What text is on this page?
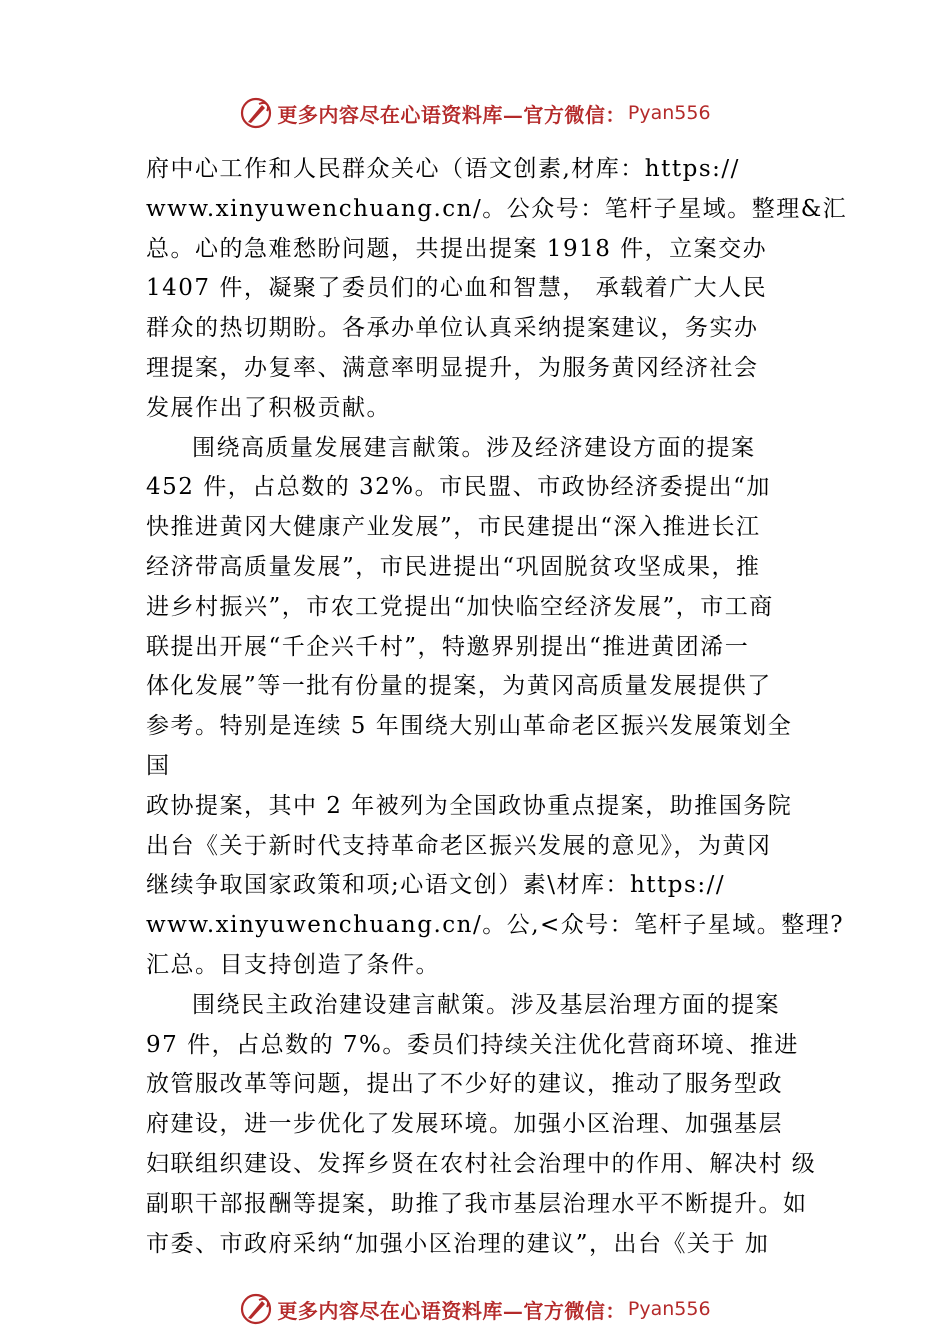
更多内容尽在心语资料库—官方微信： Pyan556
府中心工作和人民群众关心（语文创素,材库：https://
www.xinyuwenchuang.cn/。公众号：笔杆子星域。整理&汇
总。心的急难愁盼问题，共提出提案 1918 件，立案交办
1407 件，凝聚了委员们的心血和智慧， 承载着广大人民
群众的热切期盼。各承办单位认真采纳提案建议，务实办
理提案，办复率、满意率明显提升，为服务黄冈经济社会
发展作出了积极贡献。
围绕高质量发展建言献策。涉及经济建设方面的提案
452 件，占总数的 32%。市民盟、市政协经济委提出“加
快推进黄冈大健康产业发展”，市民建提出“深入推进长江
经济带高质量发展”，市民进提出“巩固脱贫攻坚成果，推
进乡村振兴”，市农工党提出“加快临空经济发展”，市工商
联提出开展“千企兴千村”，特邀界别提出“推进黄团浠一
体化发展”等一批有份量的提案，为黄冈高质量发展提供了
参考。特别是连续 5 年围绕大别山革命老区振兴发展策划全
国
政协提案，其中 2 年被列为全国政协重点提案，助推国务院
出台《关于新时代支持革命老区振兴发展的意见》，为黄冈
继续争取国家政策和项;心语文创）素\材库：https://
www.xinyuwenchuang.cn/。公,<众号：笔杆子星域。整理?
汇总。目支持创造了条件。
围绕民主政治建设建言献策。涉及基层治理方面的提案
97 件，占总数的 7%。委员们持续关注优化营商环境、推进
放管服改革等问题，提出了不少好的建议，推动了服务型政
府建设，进一步优化了发展环境。加强小区治理、加强基层
妇联组织建设、发挥乡贤在农村社会治理中的作用、解决村 级
副职干部报酬等提案，助推了我市基层治理水平不断提升。如
市委、市政府采纳“加强小区治理的建议”，出台《关于 加
更多内容尽在心语资料库—官方微信： Pyan556
